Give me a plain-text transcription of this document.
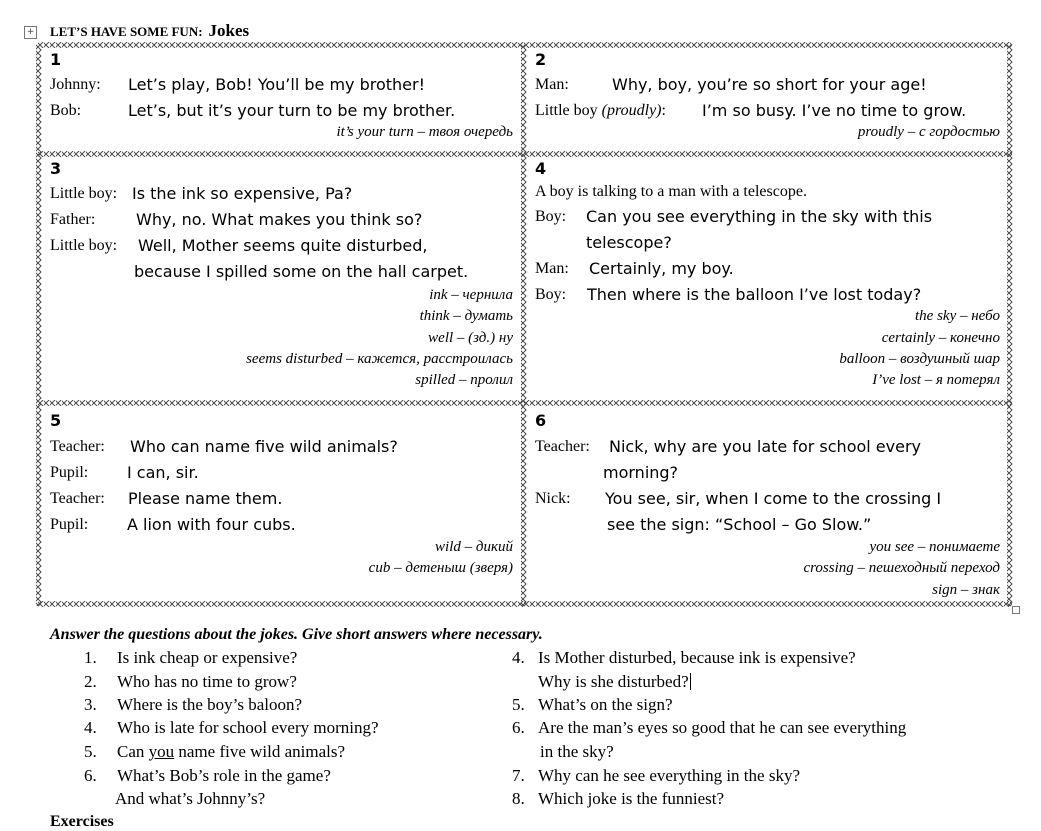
+ LET’S HAVE SOME FUN: Jokes
1
Johnny: Let’s play, Bob! You’ll be my brother!
Bob:	Let’s, but it’s your turn to be my brother.
it’s your turn – твоя очередь
2
Man:	Why, boy, you’re so short for your age!
Little boy (proudly): I’m so busy. I’ve no time to grow.
proudly – с гордостью
3
Little boy: Is the ink so expensive, Pa?
Father:	Why, no. What makes you think so?
Little boy: Well, Mother seems quite disturbed,
because I spilled some on the hall carpet.
ink – чернила
think – думать
well – (зд.) ну
seems disturbed – кажется, расстроилась
spilled – пролил
4
A boy is talking to a man with a telescope.
Boy: Can you see everything in the sky with this
telescope?
Man: Certainly, my boy.
Boy: Then where is the balloon I’ve lost today?
the sky – небо
certainly – конечно
balloon – воздушный шар
I’ve lost – я потерял
5
Teacher: Who can name five wild animals?
Pupil: I can, sir.
Teacher: Please name them.
Pupil: A lion with four cubs.
wild – дикий
cub – детеныш (зверя)
6
Teacher: Nick, why are you late for school every
morning?
Nick: You see, sir, when I come to the crossing I
see the sign: “School – Go Slow.”
you see – понимаете
crossing – пешеходный переход
sign – знак
Answer the questions about the jokes. Give short answers where necessary.
1. Is ink cheap or expensive?
2. Who has no time to grow?
3. Where is the boy’s baloon?
4. Who is late for school every morning?
5. Can you name five wild animals?
6. What’s Bob’s role in the game?
And what’s Johnny’s?
4. Is Mother disturbed, because ink is expensive?
Why is she disturbed?
5. What’s on the sign?
6. Are the man’s eyes so good that he can see everything
in the sky?
7. Why can he see everything in the sky?
8. Which joke is the funniest?
Exercises
